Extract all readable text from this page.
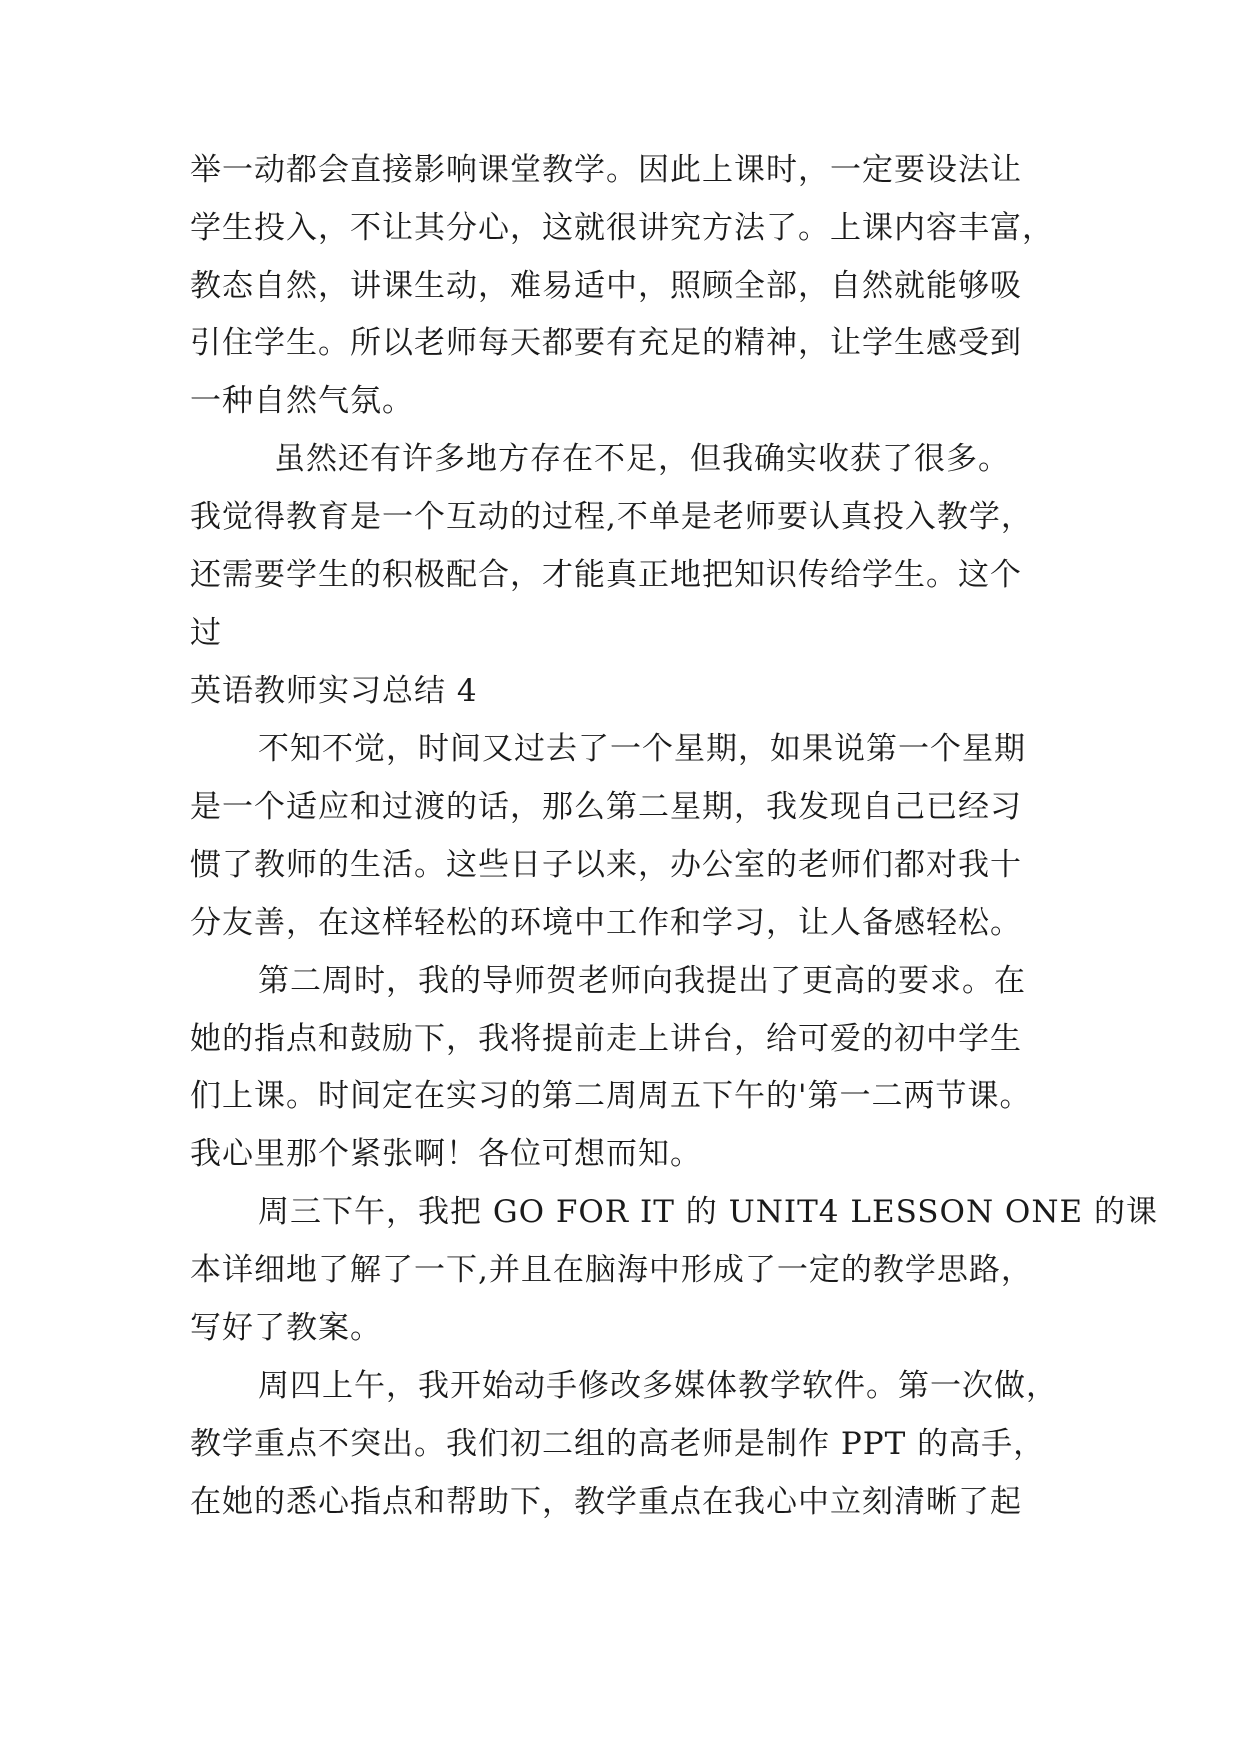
举一动都会直接影响课堂教学。因此上课时，一定要设法让
学生投入，不让其分心，这就很讲究方法了。上课内容丰富，
教态自然，讲课生动，难易适中，照顾全部，自然就能够吸
引住学生。所以老师每天都要有充足的精神，让学生感受到
一种自然气氛。
虽然还有许多地方存在不足，但我确实收获了很多。
我觉得教育是一个互动的过程,不单是老师要认真投入教学，
还需要学生的积极配合，才能真正地把知识传给学生。这个
过
英语教师实习总结 4
不知不觉，时间又过去了一个星期，如果说第一个星期
是一个适应和过渡的话，那么第二星期，我发现自己已经习
惯了教师的生活。这些日子以来，办公室的老师们都对我十
分友善，在这样轻松的环境中工作和学习，让人备感轻松。
第二周时，我的导师贺老师向我提出了更高的要求。在
她的指点和鼓励下，我将提前走上讲台，给可爱的初中学生
们上课。时间定在实习的第二周周五下午的'第一二两节课。
我心里那个紧张啊！各位可想而知。
周三下午，我把 GO FOR IT 的 UNIT4 LESSON ONE 的课
本详细地了解了一下,并且在脑海中形成了一定的教学思路，
写好了教案。
周四上午，我开始动手修改多媒体教学软件。第一次做，
教学重点不突出。我们初二组的高老师是制作 PPT 的高手，
在她的悉心指点和帮助下，教学重点在我心中立刻清晰了起
